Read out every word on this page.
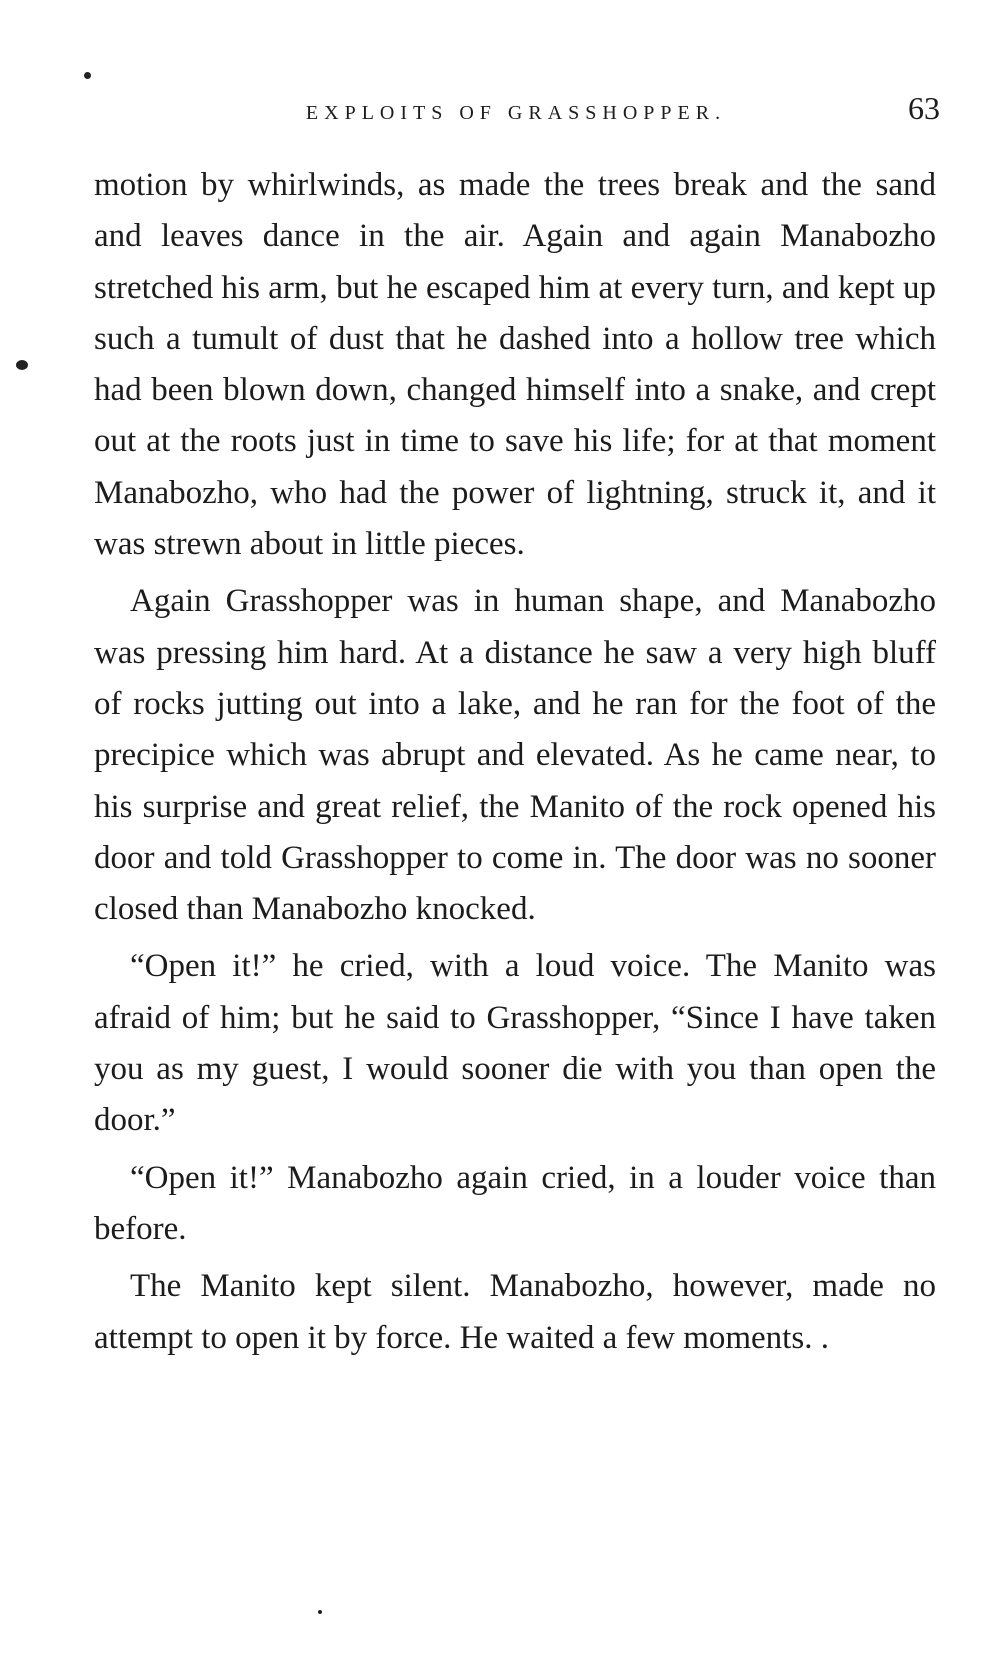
EXPLOITS OF GRASSHOPPER.	63

motion by whirlwinds, as made the trees break and the sand and leaves dance in the air. Again and again Manabozho stretched his arm, but he escaped him at every turn, and kept up such a tumult of dust that he dashed into a hollow tree which had been blown down, changed himself into a snake, and crept out at the roots just in time to save his life; for at that moment Manabozho, who had the power of lightning, struck it, and it was strewn about in little pieces.

Again Grasshopper was in human shape, and Manabozho was pressing him hard. At a distance he saw a very high bluff of rocks jutting out into a lake, and he ran for the foot of the precipice which was abrupt and elevated. As he came near, to his surprise and great relief, the Manito of the rock opened his door and told Grasshopper to come in. The door was no sooner closed than Manabozho knocked.

“Open it!” he cried, with a loud voice. The Manito was afraid of him; but he said to Grasshopper, “Since I have taken you as my guest, I would sooner die with you than open the door.”

“Open it!” Manabozho again cried, in a louder voice than before.

The Manito kept silent. Manabozho, however, made no attempt to open it by force. He waited a few moments. .
